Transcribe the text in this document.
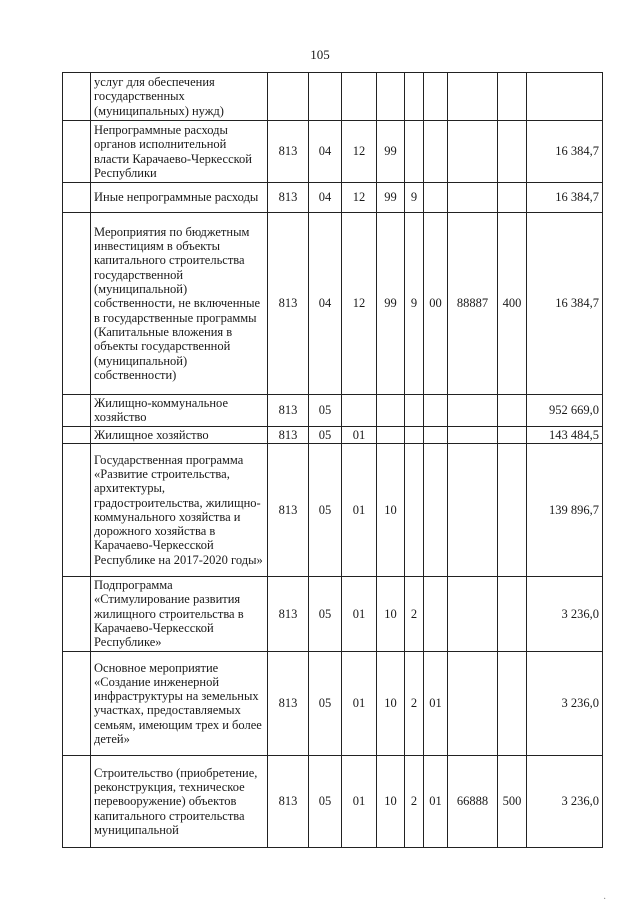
105
	услуг для обеспечения государственных (муниципальных) нужд)									
	Непрограммные расходы органов исполнительной власти Карачаево-Черкесской Республики	813	04	12	99					16 384,7
	Иные непрограммные расходы	813	04	12	99	9				16 384,7
	Мероприятия по бюджетным инвестициям в объекты капитального строительства государственной (муниципальной) собственности, не включенные в государственные программы (Капитальные вложения в объекты государственной (муниципальной) собственности)	813	04	12	99	9	00	88887	400	16 384,7
	Жилищно-коммунальное хозяйство	813	05							952 669,0
	Жилищное хозяйство	813	05	01						143 484,5
	Государственная программа «Развитие строительства, архитектуры, градостроительства, жилищно-коммунального хозяйства и дорожного хозяйства в Карачаево-Черкесской Республике на 2017-2020 годы»	813	05	01	10					139 896,7
	Подпрограмма «Стимулирование развития жилищного строительства в Карачаево-Черкесской Республике»	813	05	01	10	2				3 236,0
	Основное мероприятие «Создание инженерной инфраструктуры на земельных участках, предоставляемых семьям, имеющим трех и более детей»	813	05	01	10	2	01			3 236,0
	Строительство (приобретение, реконструкция, техническое перевооружение) объектов капитального строительства муниципальной	813	05	01	10	2	01	66888	500	3 236,0
·
